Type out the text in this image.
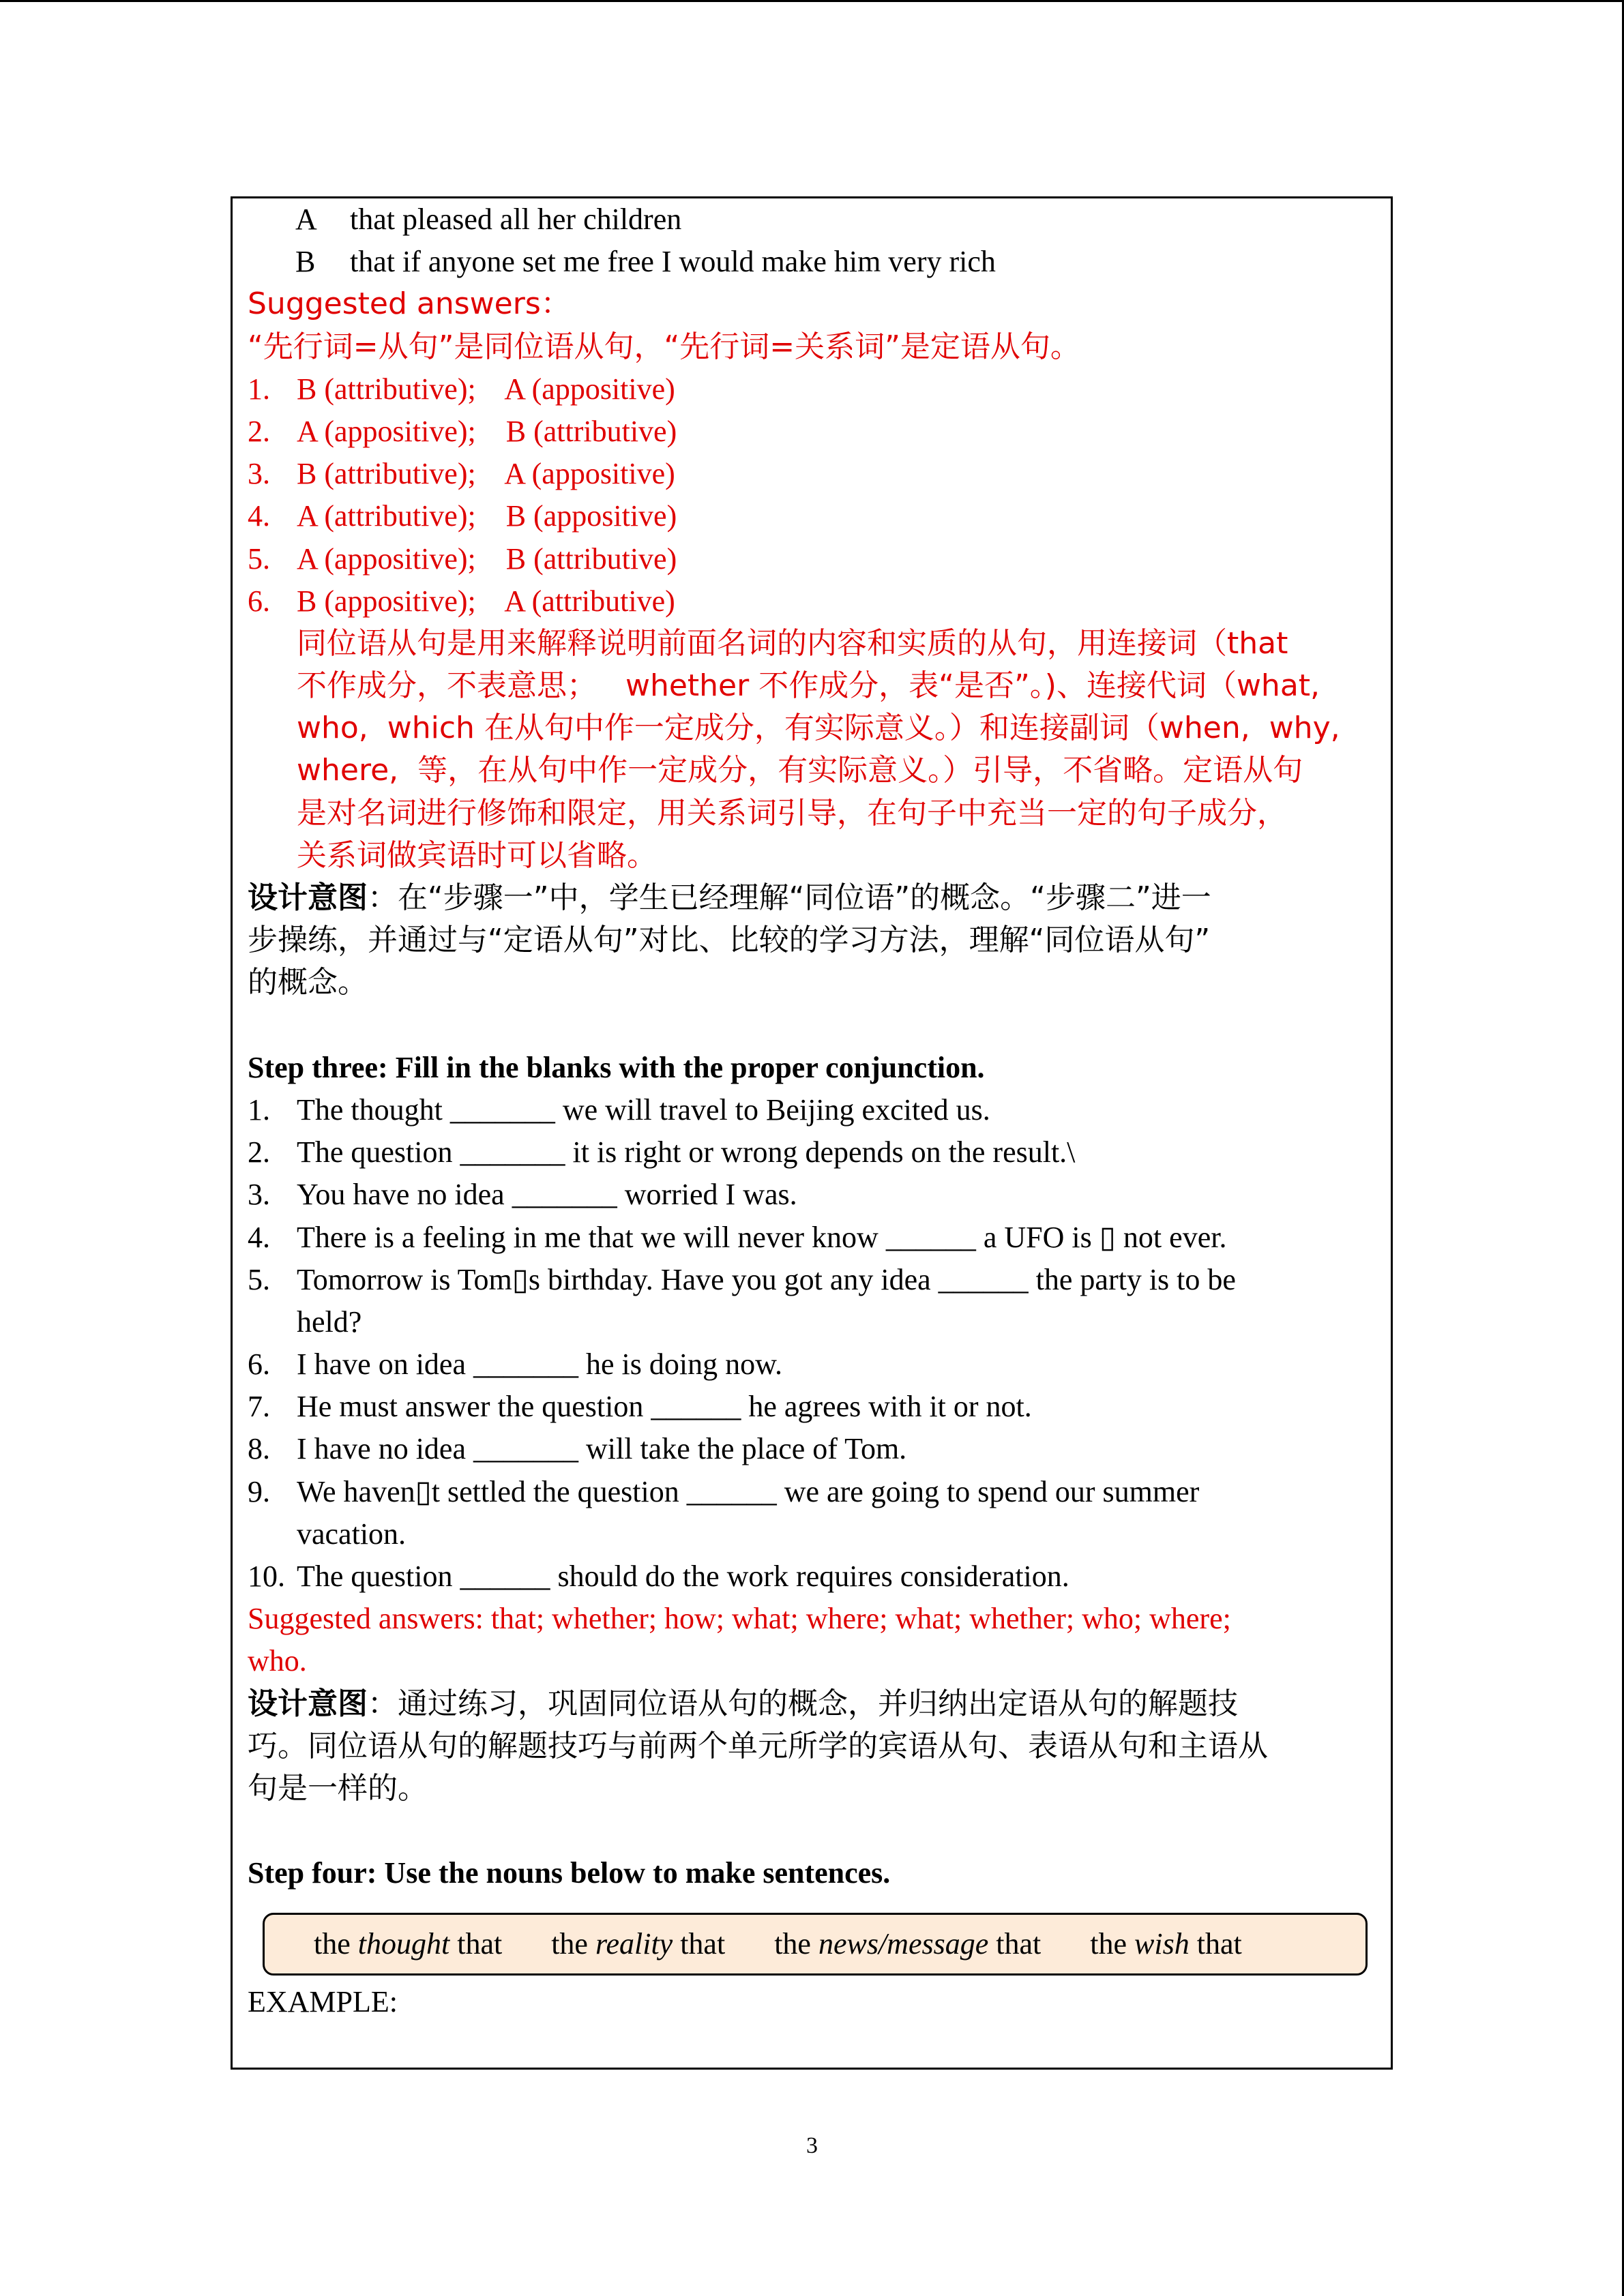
A that pleased all her children
B that if anyone set me free I would make him very rich
Suggested answers：
“先行词=从句”是同位语从句，“先行词=关系词”是定语从句。
1. B (attributive);    A (appositive)
2. A (appositive);    B (attributive)
3. B (attributive);    A (appositive)
4. A (attributive);    B (appositive)
5. A (appositive);    B (attributive)
6. B (appositive);    A (attributive)
同位语从句是用来解释说明前面名词的内容和实质的从句，用连接词（that
不作成分，不表意思；   whether 不作成分，表“是否”。)、连接代词（what,
who,  which 在从句中作一定成分，有实际意义。）和连接副词（when,  why,
where,  等，在从句中作一定成分，有实际意义。）引导，不省略。定语从句
是对名词进行修饰和限定，用关系词引导，在句子中充当一定的句子成分，
关系词做宾语时可以省略。
设计意图：在“步骤一”中，学生已经理解“同位语”的概念。“步骤二”进一
步操练，并通过与“定语从句”对比、比较的学习方法，理解“同位语从句”
的概念。
Step three: Fill in the blanks with the proper conjunction.
1. The thought _______ we will travel to Beijing excited us.
2. The question _______ it is right or wrong depends on the result.\
3. You have no idea _______ worried I was.
4. There is a feeling in me that we will never know ______ a UFO is ▯ not ever.
5. Tomorrow is Tom▯s birthday. Have you got any idea ______ the party is to be
held?
6. I have on idea _______ he is doing now.
7. He must answer the question ______ he agrees with it or not.
8. I have no idea _______ will take the place of Tom.
9. We haven▯t settled the question ______ we are going to spend our summer
vacation.
10. The question ______ should do the work requires consideration.
Suggested answers: that; whether; how; what; where; what; whether; who; where;
who.
设计意图：通过练习，巩固同位语从句的概念，并归纳出定语从句的解题技
巧。同位语从句的解题技巧与前两个单元所学的宾语从句、表语从句和主语从
句是一样的。
Step four: Use the nouns below to make sentences.
the thought that the reality that the news/message that the wish that
EXAMPLE:
3
